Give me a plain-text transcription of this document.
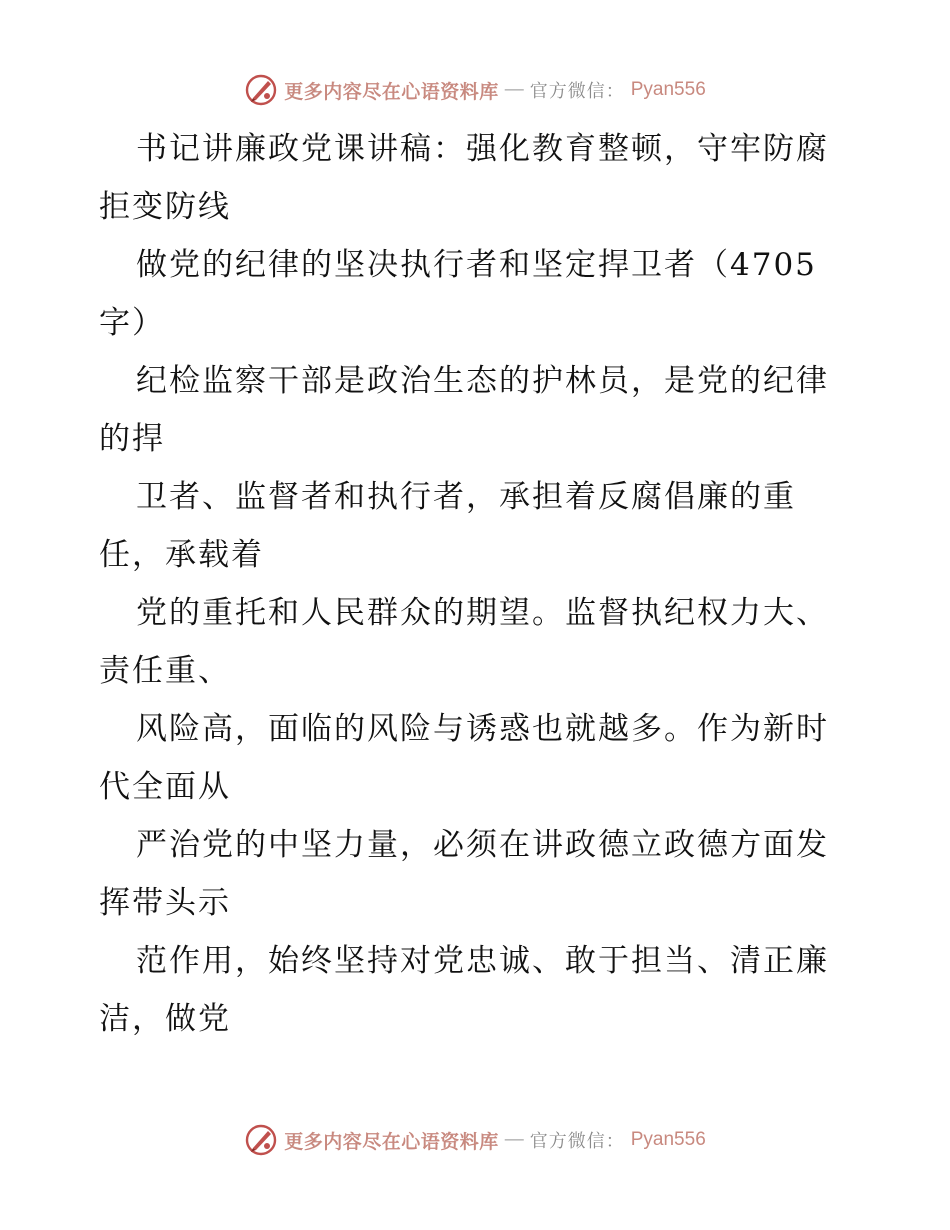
更多内容尽在心语资料库 — 官方微信： Pyan556
书记讲廉政党课讲稿：强化教育整顿，守牢防腐
拒变防线
做党的纪律的坚决执行者和坚定捍卫者（4705
字）
纪检监察干部是政治生态的护林员，是党的纪律
的捍
卫者、监督者和执行者，承担着反腐倡廉的重
任，承载着
党的重托和人民群众的期望。监督执纪权力大、
责任重、
风险高，面临的风险与诱惑也就越多。作为新时
代全面从
严治党的中坚力量，必须在讲政德立政德方面发
挥带头示
范作用，始终坚持对党忠诚、敢于担当、清正廉
洁，做党
更多内容尽在心语资料库 — 官方微信： Pyan556
